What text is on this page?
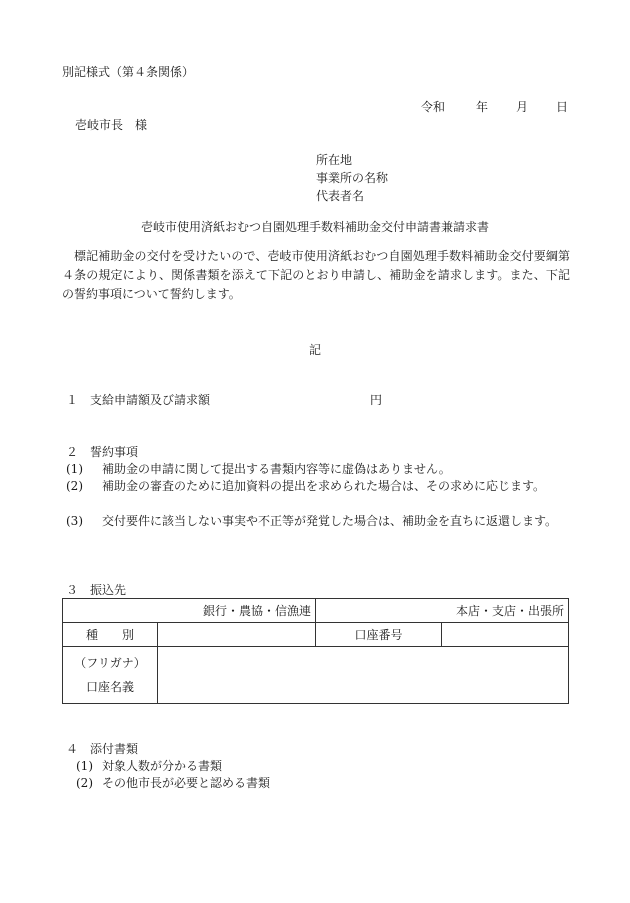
別記様式（第４条関係）
令和	年 月 日
壱岐市長　様
所在地
事業所の名称
代表者名
壱岐市使用済紙おむつ自園処理手数料補助金交付申請書兼請求書
標記補助金の交付を受けたいので、壱岐市使用済紙おむつ自園処理手数料補助金交付要綱第４条の規定により、関係書類を添えて下記のとおり申請し、補助金を請求します。また、下記の誓約事項について誓約します。
記
１　支給申請額及び請求額	円
２　誓約事項
(1) 補助金の申請に関して提出する書類内容等に虚偽はありません。
(2) 補助金の審査のために追加資料の提出を求められた場合は、その求めに応じます。
(3) 交付要件に該当しない事実や不正等が発覚した場合は、補助金を直ちに返還します。
３　振込先
銀行・農協・信漁連		本店・支店・出張所	
種　　別		口座番号	

（フリガナ）
口座名義			

４　添付書類
(1) 対象人数が分かる書類
(2) その他市長が必要と認める書類
